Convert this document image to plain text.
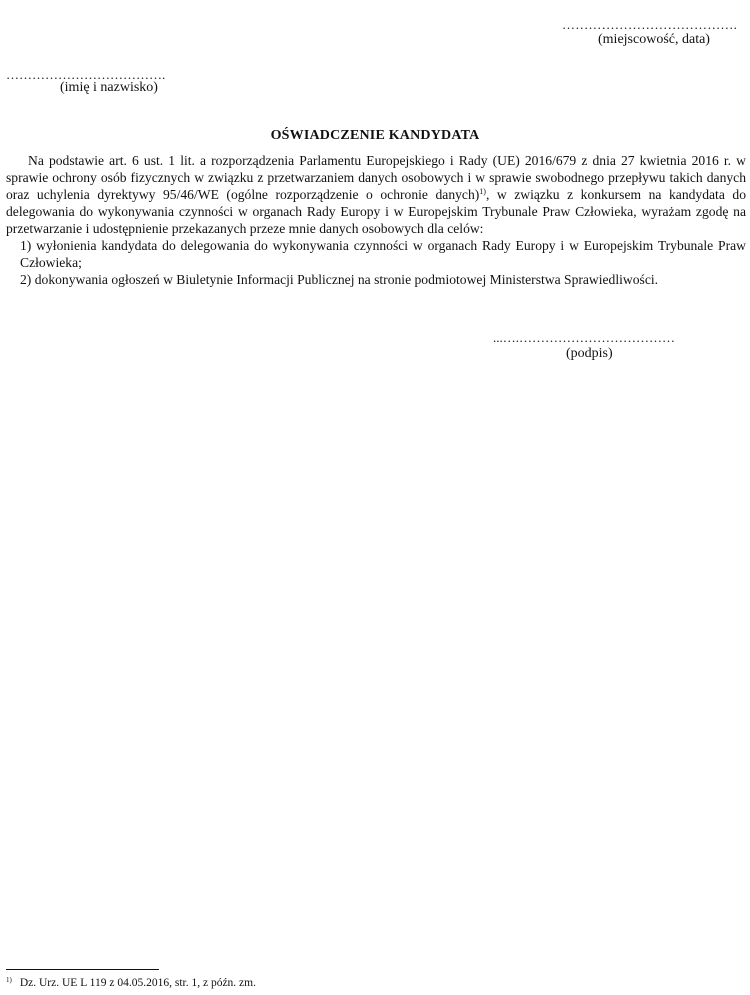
………………………………….
(miejscowość, data)
……………………………….
(imię i nazwisko)
OŚWIADCZENIE KANDYDATA

Na podstawie art. 6 ust. 1 lit. a rozporządzenia Parlamentu Europejskiego i Rady (UE) 2016/679 z dnia 27 kwietnia 2016 r. w sprawie ochrony osób fizycznych w związku z przetwarzaniem danych osobowych i w sprawie swobodnego przepływu takich danych oraz uchylenia dyrektywy 95/46/WE (ogólne rozporządzenie o ochronie danych)$^{1)}$, w związku z konkursem na kandydata do delegowania do wykonywania czynności w organach Rady Europy i w Europejskim Trybunale Praw Człowieka, wyrażam zgodę na przetwarzanie i udostępnienie przekazanych przeze mnie danych osobowych dla celów:

1) wyłonienia kandydata do delegowania do wykonywania czynności w organach Rady Europy i w Europejskim Trybunale Praw Człowieka;

2) dokonywania ogłoszeń w Biuletynie Informacji Publicznej na stronie podmiotowej Ministerstwa Sprawiedliwości.

...….………………………………
(podpis)
$^{1)}$ Dz. Urz. UE L 119 z 04.05.2016, str. 1, z późn. zm.
